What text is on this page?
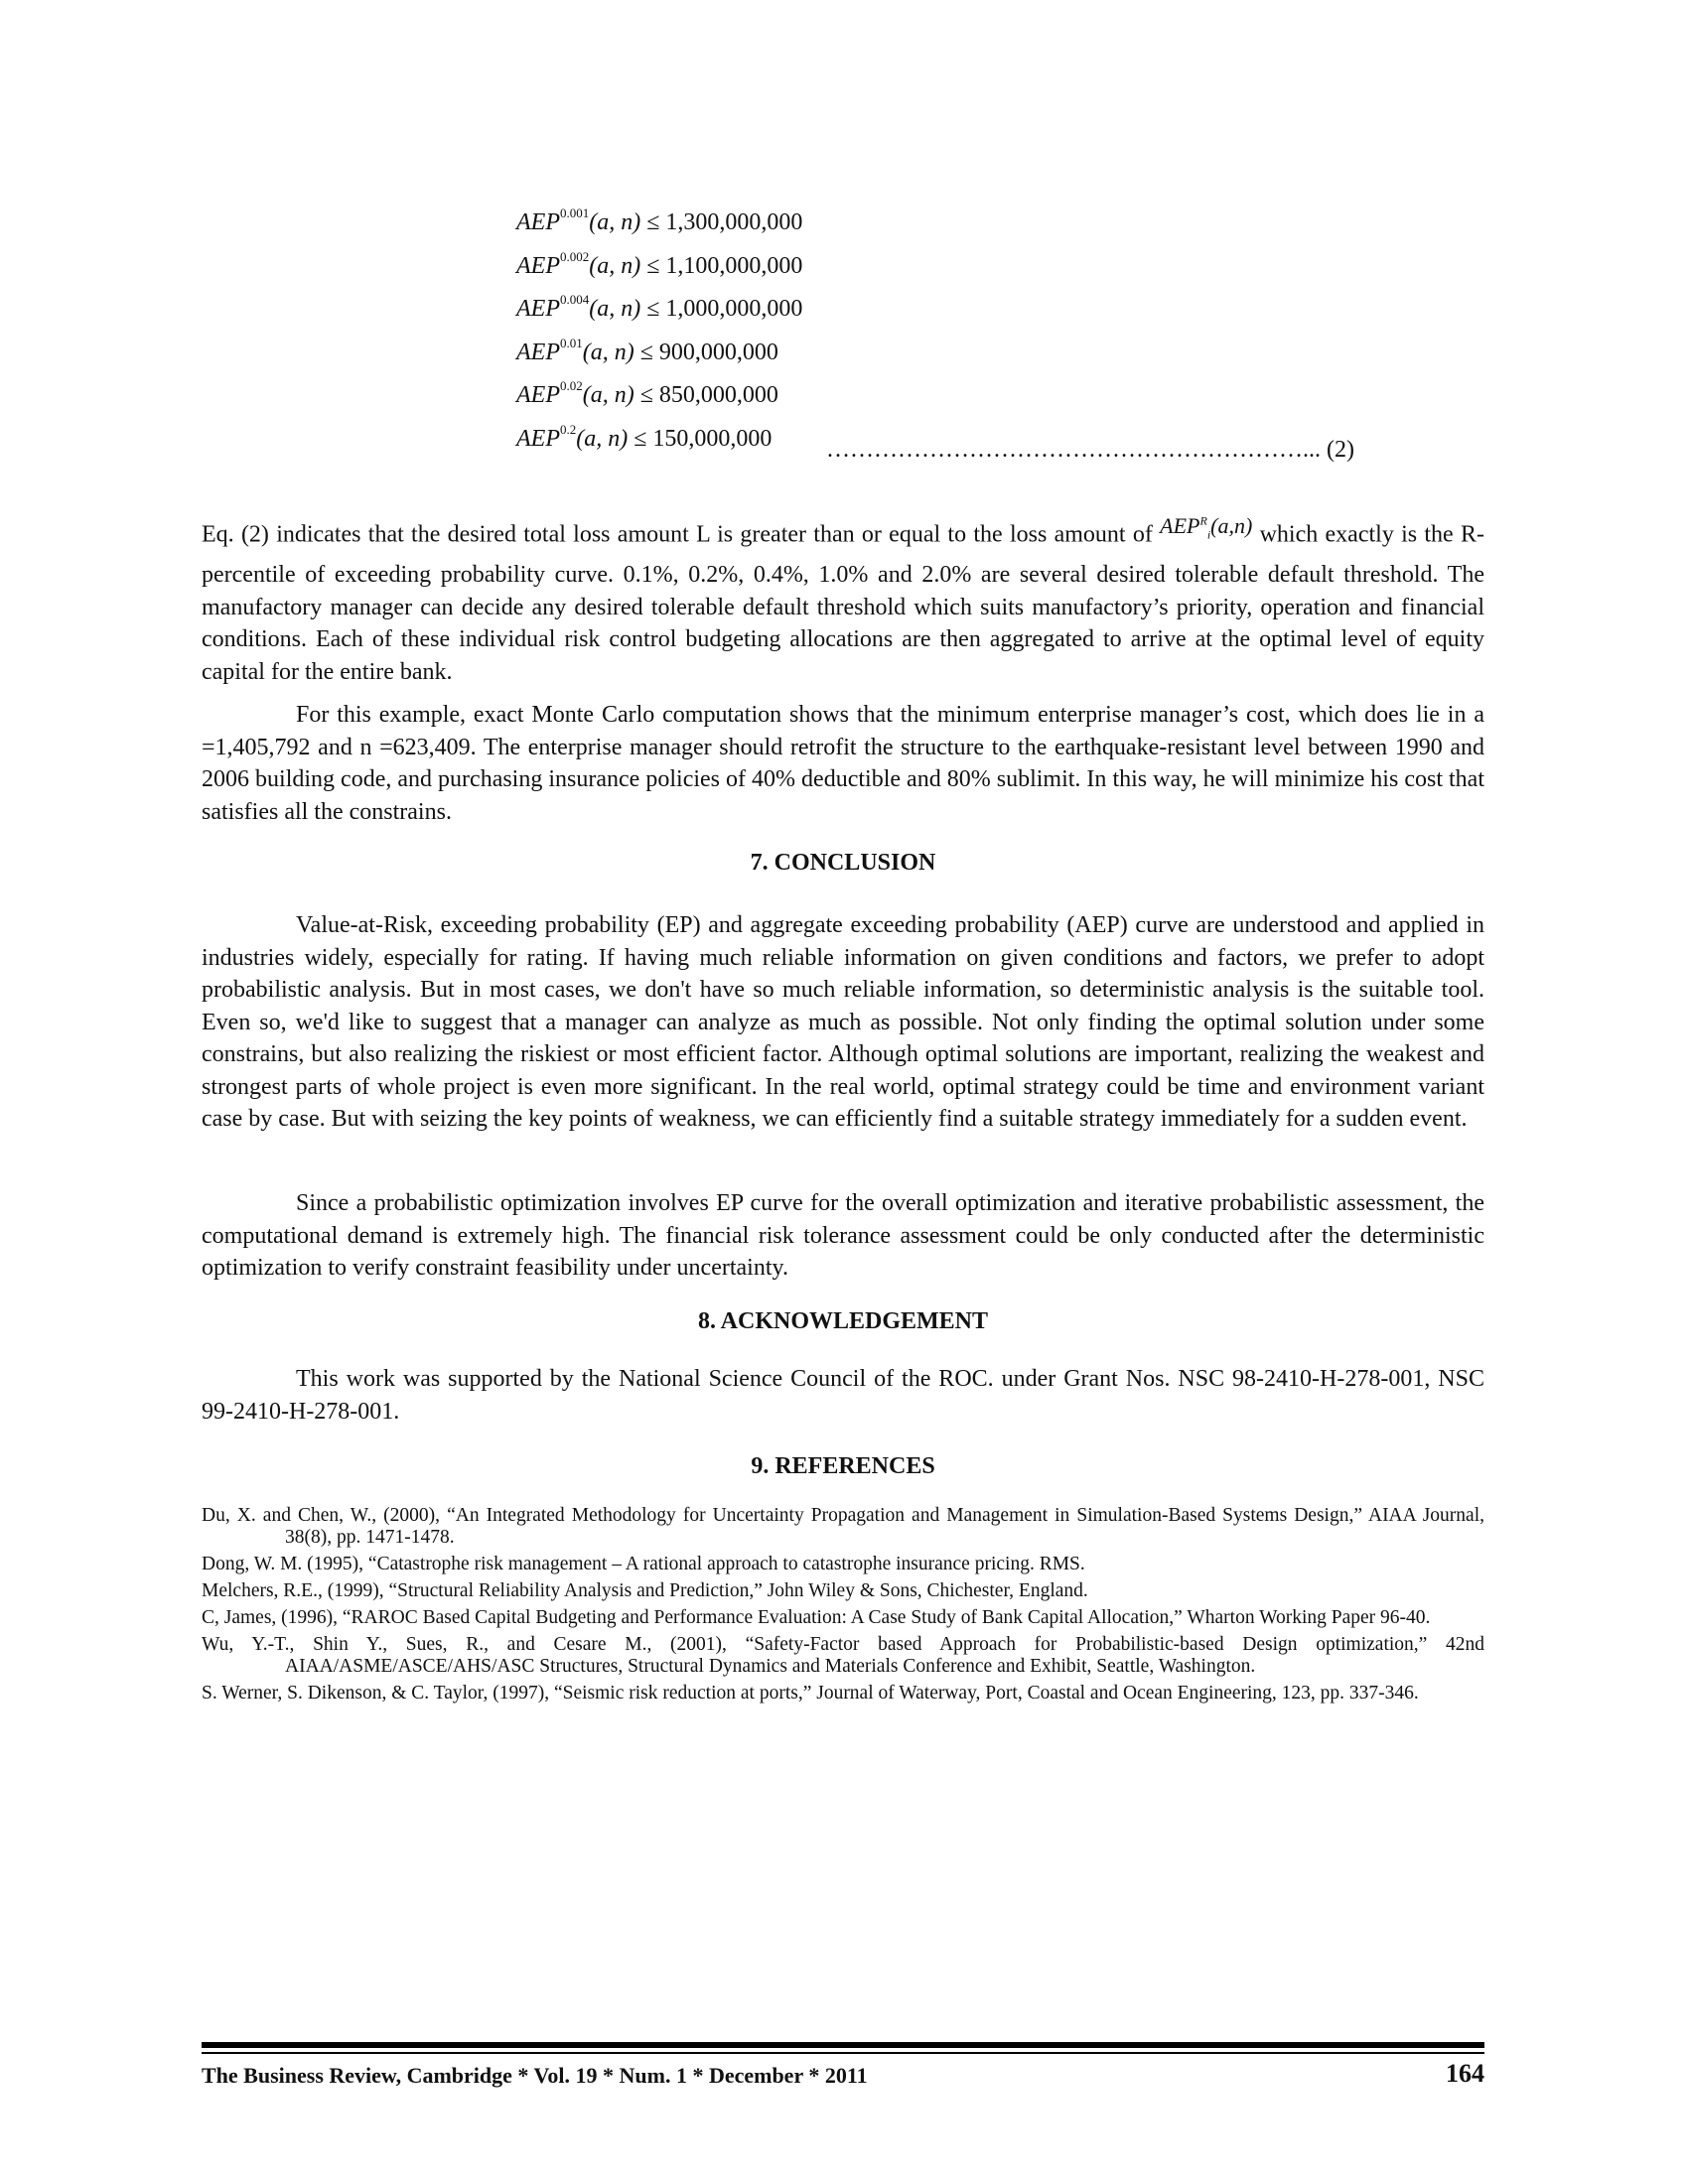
$AEP^{0.001}(a$, n) ≤ 1,300,000,000
$AEP^{0.002}(a$, n) ≤ 1,100,000,000
$AEP^{0.004}(a$, n) ≤ 1,000,000,000
$AEP^{0.01}(a$, n) ≤ 900,000,000
$AEP^{0.02}(a$, n) ≤ 850,000,000
$AEP^{0.2}(a$, n) ≤ 150,000,000	……………………………………………………... (2)
Eq. (2) indicates that the desired total loss amount L is greater than or equal to the loss amount of $AEP^R_i(a,n)$ which exactly is the R-percentile of exceeding probability curve. 0.1%, 0.2%, 0.4%, 1.0% and 2.0% are several desired tolerable default threshold. The manufactory manager can decide any desired tolerable default threshold which suits manufactory’s priority, operation and financial conditions. Each of these individual risk control budgeting allocations are then aggregated to arrive at the optimal level of equity capital for the entire bank.
For this example, exact Monte Carlo computation shows that the minimum enterprise manager’s cost, which does lie in a =1,405,792 and n =623,409. The enterprise manager should retrofit the structure to the earthquake-resistant level between 1990 and 2006 building code, and purchasing insurance policies of 40% deductible and 80% sublimit. In this way, he will minimize his cost that satisfies all the constrains.
7. CONCLUSION
Value-at-Risk, exceeding probability (EP) and aggregate exceeding probability (AEP) curve are understood and applied in industries widely, especially for rating. If having much reliable information on given conditions and factors, we prefer to adopt probabilistic analysis. But in most cases, we don't have so much reliable information, so deterministic analysis is the suitable tool. Even so, we'd like to suggest that a manager can analyze as much as possible. Not only finding the optimal solution under some constrains, but also realizing the riskiest or most efficient factor. Although optimal solutions are important, realizing the weakest and strongest parts of whole project is even more significant. In the real world, optimal strategy could be time and environment variant case by case. But with seizing the key points of weakness, we can efficiently find a suitable strategy immediately for a sudden event.
Since a probabilistic optimization involves EP curve for the overall optimization and iterative probabilistic assessment, the computational demand is extremely high. The financial risk tolerance assessment could be only conducted after the deterministic optimization to verify constraint feasibility under uncertainty.
8. ACKNOWLEDGEMENT
This work was supported by the National Science Council of the ROC. under Grant Nos. NSC 98-2410-H-278-001, NSC 99-2410-H-278-001.
9. REFERENCES
Du, X. and Chen, W., (2000), “An Integrated Methodology for Uncertainty Propagation and Management in Simulation-Based Systems Design,” AIAA Journal, 38(8), pp. 1471-1478.
Dong, W. M. (1995), “Catastrophe risk management – A rational approach to catastrophe insurance pricing. RMS.
Melchers, R.E., (1999), “Structural Reliability Analysis and Prediction,” John Wiley & Sons, Chichester, England.
C, James, (1996), “RAROC Based Capital Budgeting and Performance Evaluation: A Case Study of Bank Capital Allocation,” Wharton Working Paper 96-40.
Wu, Y.-T., Shin Y., Sues, R., and Cesare M., (2001), “Safety-Factor based Approach for Probabilistic-based Design optimization,” 42nd AIAA/ASME/ASCE/AHS/ASC Structures, Structural Dynamics and Materials Conference and Exhibit, Seattle, Washington.
S. Werner, S. Dikenson, & C. Taylor, (1997), “Seismic risk reduction at ports,” Journal of Waterway, Port, Coastal and Ocean Engineering, 123, pp. 337-346.
The Business Review, Cambridge * Vol. 19 * Num. 1 * December * 2011	164
